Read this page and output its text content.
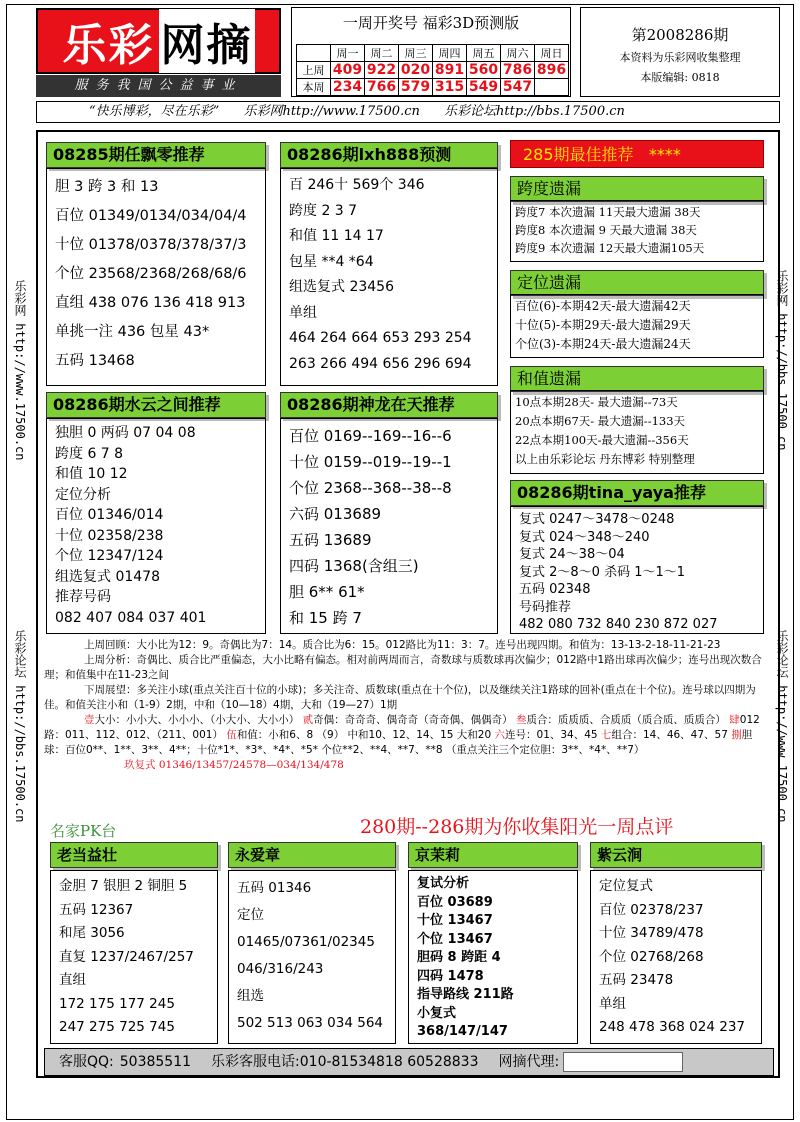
乐彩 网摘
服务我国公益事业
一周开奖号 福彩3D预测版
	周一	周二	周三	周四	周五	周六	周日
上周	409	922	020	891	560	786	896
本周	234	766	579	315	549	547	
第2008286期
本资料为乐彩网收集整理
本版编辑: 0818
“快乐博彩，尽在乐彩” 乐彩网http://www.17500.cn 乐彩论坛http://bbs.17500.cn
乐彩网 http://www.17500.cn
乐彩论坛 http://bbs.17500.cn
乐彩网 http://bbs.17500.cn
乐彩论坛 http://www.17500.cn
08285期任飘零推荐
胆 3 跨 3 和 13
百位 01349/0134/034/04/4
十位 01378/0378/378/37/3
个位 23568/2368/268/68/6
直组 438 076 136 418 913
单挑一注 436 包星 43*
五码 13468
08286期lxh888预测
百 246十 569个 346
跨度 2 3 7
和值 11 14 17
包星 **4 *64
组选复式 23456
单组
464 264 664 653 293 254
263 266 494 656 296 694
285期最佳推荐 ****
跨度遗漏
跨度7 本次遗漏 11天最大遗漏 38天
跨度8 本次遗漏 9 天最大遗漏 38天
跨度9 本次遗漏 12天最大遗漏105天
定位遗漏
百位(6)-本期42天-最大遗漏42天
十位(5)-本期29天-最大遗漏29天
个位(3)-本期24天-最大遗漏24天
和值遗漏
10点本期28天- 最大遗漏--73天
20点本期67天- 最大遗漏--133天
22点本期100天-最大遗漏--356天
以上由乐彩论坛 丹东博彩 特别整理
08286期水云之间推荐
独胆 0 两码 07 04 08
跨度 6 7 8
和值 10 12
定位分析
百位 01346/014
十位 02358/238
个位 12347/124
组选复式 01478
推荐号码
082 407 084 037 401
08286期神龙在天推荐
百位 0169--169--16--6
十位 0159--019--19--1
个位 2368--368--38--8
六码 013689
五码 13689
四码 1368(含组三)
胆 6** 61*
和 15 跨 7
08286期tina_yaya推荐
复式 0247～3478～0248
复式 024～348～240
复式 24～38～04
复式 2～8～0 杀码 1～1～1
五码 02348
号码推荐
482 080 732 840 230 872 027
上周回顾：大小比为12：9。奇偶比为7：14。质合比为6：15。012路比为11：3：7。连号出现四期。和值为：13-13-2-18-11-21-23
上周分析：奇偶比、质合比严重偏态，大小比略有偏态。相对前两周而言，奇数球与质数球再次偏少；012路中1路出球再次偏少；连号出现次数合理；和值集中在11-23之间
下周展望：多关注小球(重点关注百十位的小球)；多关注奇、质数球(重点在十个位)，以及继续关注1路球的回补(重点在十个位)。连号球以四期为佳。和值关注小和（1-9）2期，中和（10—18）4期，大和（19—27）1期
壹大小：小小大、小小小、（小大小、大小小） 贰奇偶：奇奇奇、偶奇奇（奇奇偶、偶偶奇） 叁质合：质质质、合质质（质合质、质质合） 肆012路：011、112、012、（211、001） 伍和值：小和6、8 （9） 中和10、12、14、15 大和20 六连号：01、34、45 七组合：14、46、47、57 捌胆球：百位0**、1**、3**、4**；十位*1*、*3*、*4*、*5* 个位**2、**4、**7、**8 （重点关注三个定位胆：3**、*4*、**7）
玖复式 01346/13457/24578—034/134/478
名家PK台	280期--286期为你收集阳光一周点评
老当益壮
金胆 7 银胆 2 铜胆 5
五码 12367
和尾 3056
直复 1237/2467/257
直组
172 175 177 245
247 275 725 745
永爱章
五码 01346
定位
01465/07361/02345
046/316/243
组选
502 513 063 034 564
京茉莉
复试分析
百位 03689
十位 13467
个位 13467
胆码 8 跨距 4
四码 1478
指导路线 211路
小复式
368/147/147
紫云涧
定位复式
百位 02378/237
十位 34789/478
个位 02768/268
五码 23478
单组
248 478 368 024 237
客服QQ: 50385511 乐彩客服电话: 010-81534818 60528833 网摘代理:
